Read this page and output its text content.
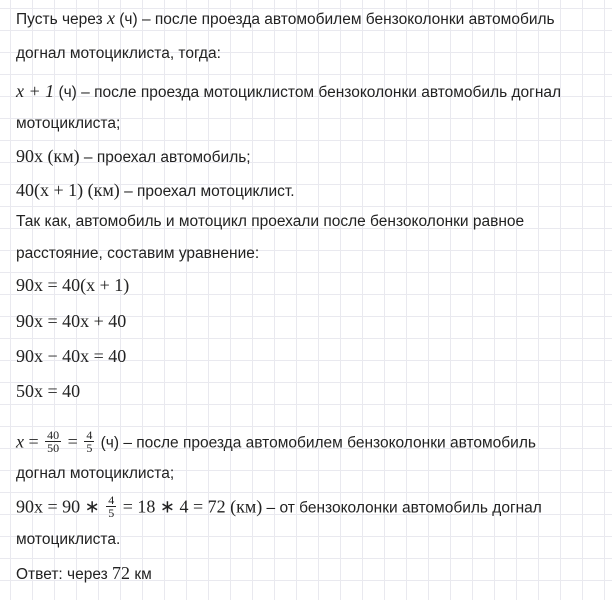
Пусть через x (ч) – после проезда автомобилем бензоколонки автомобиль
догнал мотоциклиста, тогда:
x + 1 (ч) – после проезда мотоциклистом бензоколонки автомобиль догнал
мотоциклиста;
90x (км) – проехал автомобиль;
40(x + 1) (км) – проехал мотоциклист.
Так как, автомобиль и мотоцикл проехали после бензоколонки равное
расстояние, составим уравнение:
90x = 40(x + 1)
90x = 40x + 40
90x − 40x = 40
50x = 40
$x = \frac{40}{50} = \frac{4}{5} (ч)$ – после проезда автомобилем бензоколонки автомобиль
догнал мотоциклиста;
90x = 90 ∗ $\frac{4}{5} = 18$ ∗ 4 = 72 (км) – от бензоколонки автомобиль догнал
мотоциклиста.
Ответ: через 72 км
